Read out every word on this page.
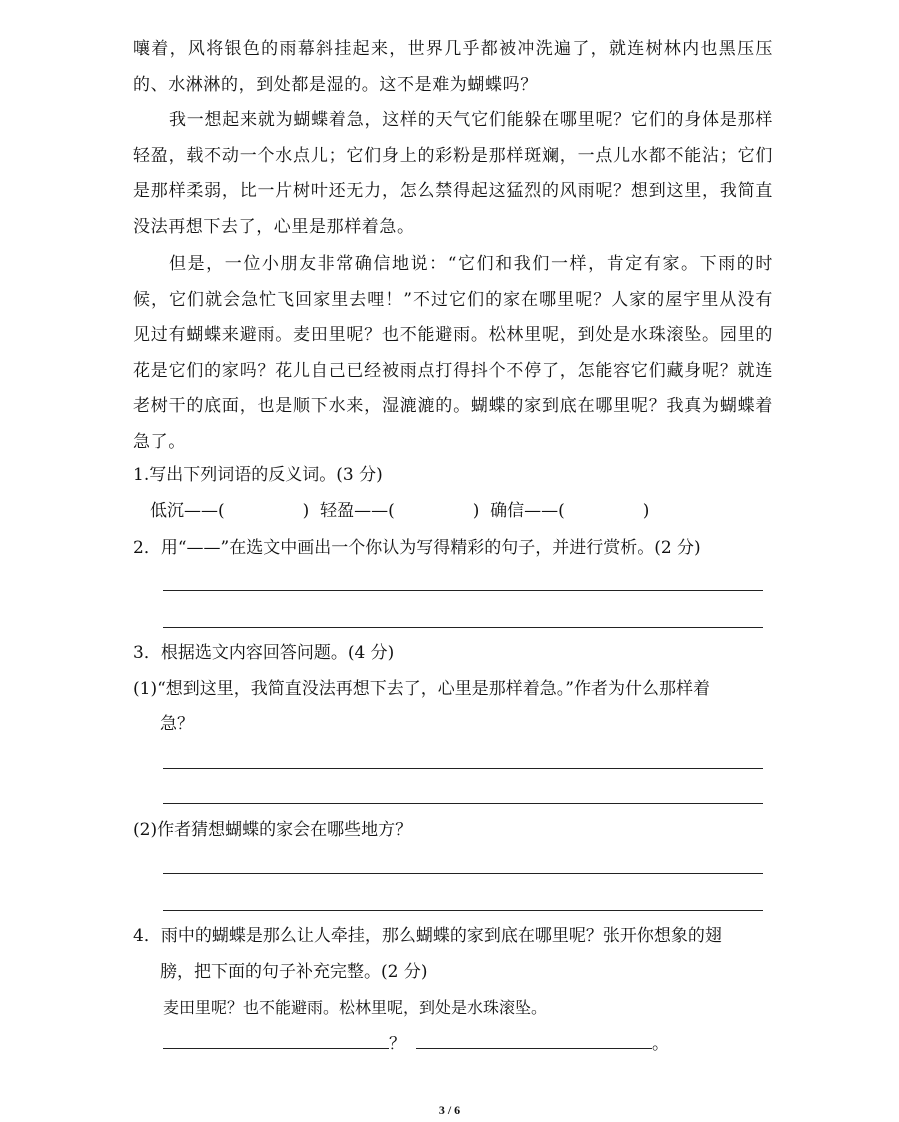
嚷着，风将银色的雨幕斜挂起来，世界几乎都被冲洗遍了，就连树林内也黑压压的、水淋淋的，到处都是湿的。这不是难为蝴蝶吗？

我一想起来就为蝴蝶着急，这样的天气它们能躲在哪里呢？它们的身体是那样轻盈，载不动一个水点儿；它们身上的彩粉是那样斑斓，一点儿水都不能沾；它们是那样柔弱，比一片树叶还无力，怎么禁得起这猛烈的风雨呢？想到这里，我简直没法再想下去了，心里是那样着急。

但是，一位小朋友非常确信地说：“它们和我们一样，肯定有家。下雨的时候，它们就会急忙飞回家里去哩！”不过它们的家在哪里呢？人家的屋宇里从没有见过有蝴蝶来避雨。麦田里呢？也不能避雨。松林里呢，到处是水珠滚坠。园里的花是它们的家吗？花儿自己已经被雨点打得抖个不停了，怎能容它们藏身呢？就连老树干的底面，也是顺下水来，湿漉漉的。蝴蝶的家到底在哪里呢？我真为蝴蝶着急了。

1.写出下列词语的反义词。(3 分)

低沉——(	)  轻盈——(	)  确信——(	)

2．用“——”在选文中画出一个你认为写得精彩的句子，并进行赏析。(2 分)

3．根据选文内容回答问题。(4 分)

(1)“想到这里，我简直没法再想下去了，心里是那样着急。”作者为什么那样着

急？

(2)作者猜想蝴蝶的家会在哪些地方？

4．雨中的蝴蝶是那么让人牵挂，那么蝴蝶的家到底在哪里呢？张开你想象的翅

膀，把下面的句子补充完整。(2 分)

麦田里呢？也不能避雨。松林里呢，到处是水珠滚坠。

？	。

3 / 6
